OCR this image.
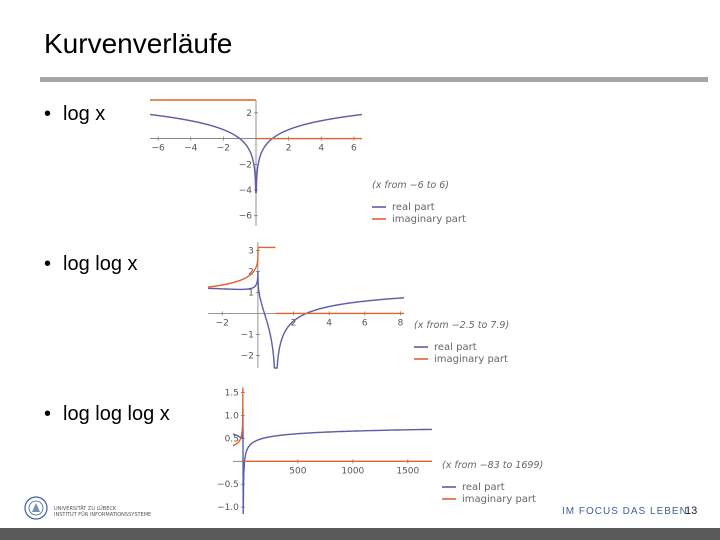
Kurvenverläufe
• log x
• log log x
• log log log x
−6 −4 −2	2	4	6
2
−2
−4
−6
(x from −6 to 6)
real part
imaginary part
−2	2	4	6	8
3
2
1
−1
−2
(x from −2.5 to 7.9)
real part
imaginary part
500	1000	1500
1.5
1.0
0.5
−0.5
−1.0
(x from −83 to 1699)
real part
imaginary part
UNIVERSITÄT ZU LÜBECK
INSTITUT FÜR INFORMATIONSSYSTEME	IM FOCUS DAS LEBEN
13
